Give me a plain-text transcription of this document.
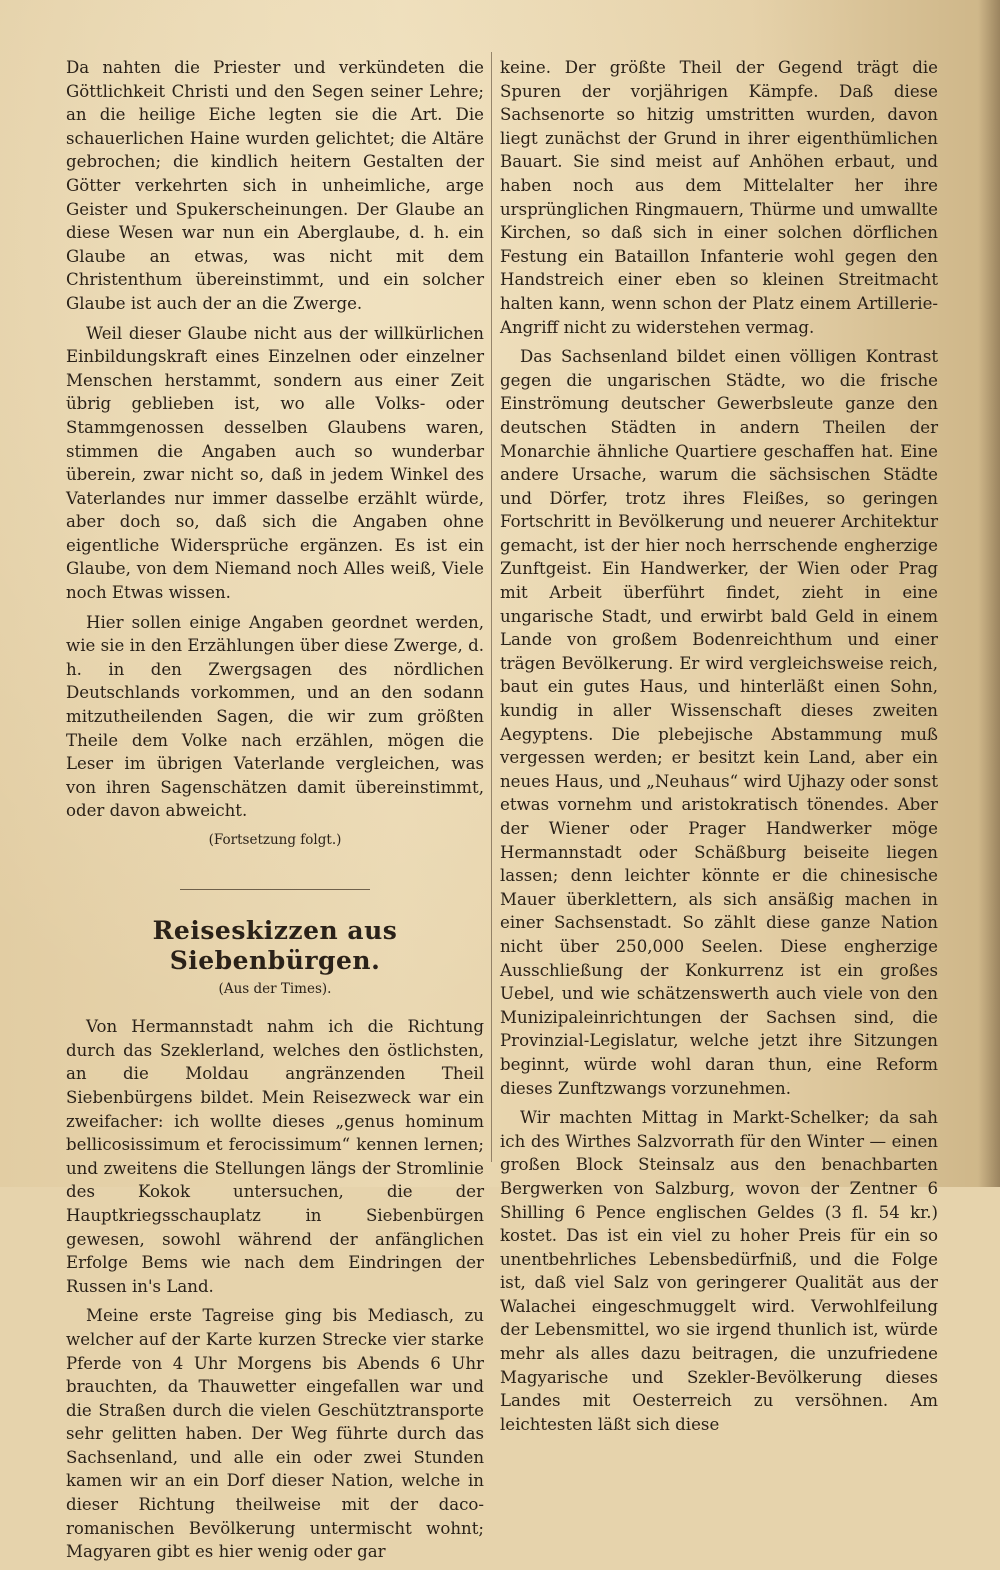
Da nahten die Priester und verkündeten die Göttlichkeit Christi und den Segen seiner Lehre; an die heilige Eiche legten sie die Art. Die schauerlichen Haine wurden gelichtet; die Altäre gebrochen; die kindlich heitern Gestalten der Götter verkehrten sich in unheimliche, arge Geister und Spukerscheinungen. Der Glaube an diese Wesen war nun ein Aberglaube, d. h. ein Glaube an etwas, was nicht mit dem Christenthum übereinstimmt, und ein solcher Glaube ist auch der an die Zwerge.

Weil dieser Glaube nicht aus der willkürlichen Einbildungskraft eines Einzelnen oder einzelner Menschen herstammt, sondern aus einer Zeit übrig geblieben ist, wo alle Volks- oder Stammgenossen desselben Glaubens waren, stimmen die Angaben auch so wunderbar überein, zwar nicht so, daß in jedem Winkel des Vaterlandes nur immer dasselbe erzählt würde, aber doch so, daß sich die Angaben ohne eigentliche Widersprüche ergänzen. Es ist ein Glaube, von dem Niemand noch Alles weiß, Viele noch Etwas wissen.

Hier sollen einige Angaben geordnet werden, wie sie in den Erzählungen über diese Zwerge, d. h. in den Zwergsagen des nördlichen Deutschlands vorkommen, und an den sodann mitzutheilenden Sagen, die wir zum größten Theile dem Volke nach erzählen, mögen die Leser im übrigen Vaterlande vergleichen, was von ihren Sagenschätzen damit übereinstimmt, oder davon abweicht.

(Fortsetzung folgt.)
Reiseskizzen aus Siebenbürgen.
(Aus der Times).

Von Hermannstadt nahm ich die Richtung durch das Szeklerland, welches den östlichsten, an die Moldau angränzenden Theil Siebenbürgens bildet. Mein Reisezweck war ein zweifacher: ich wollte dieses „genus hominum bellicosissimum et ferocissimum“ kennen lernen; und zweitens die Stellungen längs der Stromlinie des Kokok untersuchen, die der Hauptkriegsschauplatz in Siebenbürgen gewesen, sowohl während der anfänglichen Erfolge Bems wie nach dem Eindringen der Russen in's Land.

Meine erste Tagreise ging bis Mediasch, zu welcher auf der Karte kurzen Strecke vier starke Pferde von 4 Uhr Morgens bis Abends 6 Uhr brauchten, da Thauwetter eingefallen war und die Straßen durch die vielen Geschütztransporte sehr gelitten haben. Der Weg führte durch das Sachsenland, und alle ein oder zwei Stunden kamen wir an ein Dorf dieser Nation, welche in dieser Richtung theilweise mit der daco-romanischen Bevölkerung untermischt wohnt; Magyaren gibt es hier wenig oder gar

keine. Der größte Theil der Gegend trägt die Spuren der vorjährigen Kämpfe. Daß diese Sachsenorte so hitzig umstritten wurden, davon liegt zunächst der Grund in ihrer eigenthümlichen Bauart. Sie sind meist auf Anhöhen erbaut, und haben noch aus dem Mittelalter her ihre ursprünglichen Ringmauern, Thürme und umwallte Kirchen, so daß sich in einer solchen dörflichen Festung ein Bataillon Infanterie wohl gegen den Handstreich einer eben so kleinen Streitmacht halten kann, wenn schon der Platz einem Artillerie-Angriff nicht zu widerstehen vermag.

Das Sachsenland bildet einen völligen Kontrast gegen die ungarischen Städte, wo die frische Einströmung deutscher Gewerbsleute ganze den deutschen Städten in andern Theilen der Monarchie ähnliche Quartiere geschaffen hat. Eine andere Ursache, warum die sächsischen Städte und Dörfer, trotz ihres Fleißes, so geringen Fortschritt in Bevölkerung und neuerer Architektur gemacht, ist der hier noch herrschende engherzige Zunftgeist. Ein Handwerker, der Wien oder Prag mit Arbeit überführt findet, zieht in eine ungarische Stadt, und erwirbt bald Geld in einem Lande von großem Bodenreichthum und einer trägen Bevölkerung. Er wird vergleichsweise reich, baut ein gutes Haus, und hinterläßt einen Sohn, kundig in aller Wissenschaft dieses zweiten Aegyptens. Die plebejische Abstammung muß vergessen werden; er besitzt kein Land, aber ein neues Haus, und „Neuhaus“ wird Ujhazy oder sonst etwas vornehm und aristokratisch tönendes. Aber der Wiener oder Prager Handwerker möge Hermannstadt oder Schäßburg beiseite liegen lassen; denn leichter könnte er die chinesische Mauer überklettern, als sich ansäßig machen in einer Sachsenstadt. So zählt diese ganze Nation nicht über 250,000 Seelen. Diese engherzige Ausschließung der Konkurrenz ist ein großes Uebel, und wie schätzenswerth auch viele von den Munizipaleinrichtungen der Sachsen sind, die Provinzial-Legislatur, welche jetzt ihre Sitzungen beginnt, würde wohl daran thun, eine Reform dieses Zunftzwangs vorzunehmen.

Wir machten Mittag in Markt-Schelker; da sah ich des Wirthes Salzvorrath für den Winter — einen großen Block Steinsalz aus den benachbarten Bergwerken von Salzburg, wovon der Zentner 6 Shilling 6 Pence englischen Geldes (3 fl. 54 kr.) kostet. Das ist ein viel zu hoher Preis für ein so unentbehrliches Lebensbedürfniß, und die Folge ist, daß viel Salz von geringerer Qualität aus der Walachei eingeschmuggelt wird. Verwohlfeilung der Lebensmittel, wo sie irgend thunlich ist, würde mehr als alles dazu beitragen, die unzufriedene Magyarische und Szekler-Bevölkerung dieses Landes mit Oesterreich zu versöhnen. Am leichtesten läßt sich diese
